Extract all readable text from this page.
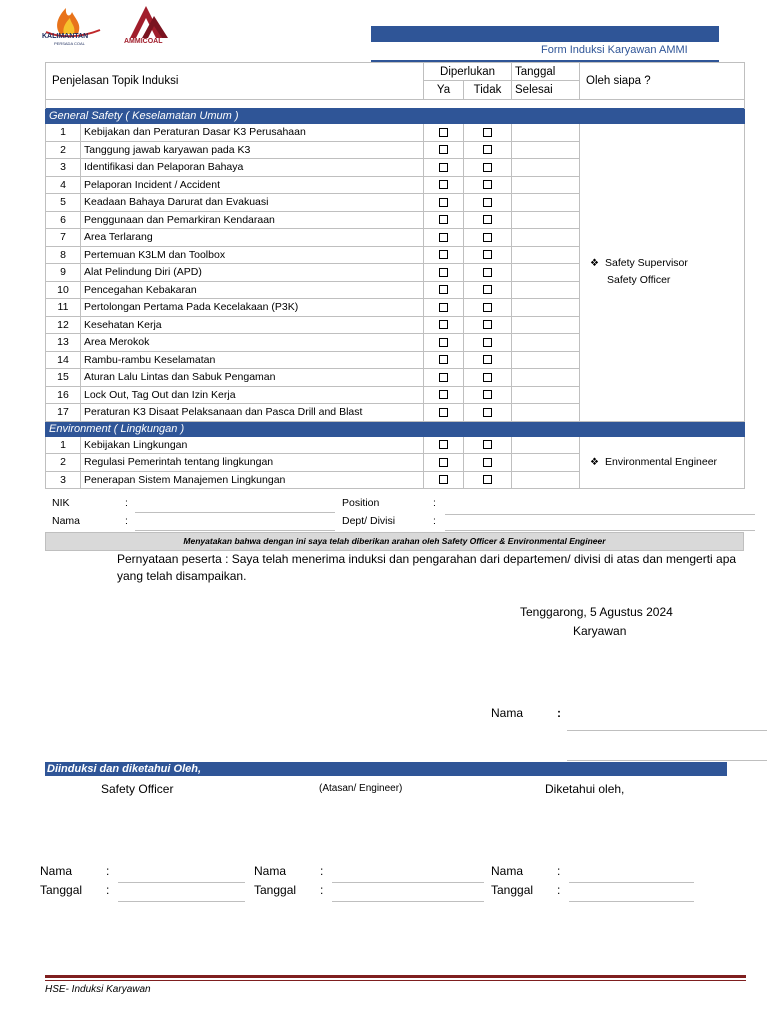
KALIMANTAN
PERSADA COAL	AMMICOAL
Form Induksi Karyawan AMMI
Penjelasan Topik Induksi		Diperlukan		Tanggal	Oleh siapa ?
		Ya	Tidak	Selesai	

General Safety ( Keselamatan Umum )					
1	Kebijakan dan Peraturan Dasar K3 Perusahaan				❖ Safety Supervisor
Safety Officer
2	Tanggung jawab karyawan pada K3				
3	Identifikasi dan Pelaporan Bahaya				
4	Pelaporan Incident / Accident				
5	Keadaan Bahaya Darurat dan Evakuasi				
6	Penggunaan dan Pemarkiran Kendaraan				
7	Area Terlarang				
8	Pertemuan K3LM dan Toolbox				
9	Alat Pelindung Diri (APD)				
10	Pencegahan Kebakaran				
11	Pertolongan Pertama Pada Kecelakaan (P3K)				
12	Kesehatan Kerja				
13	Area Merokok				
14	Rambu-rambu Keselamatan				
15	Aturan Lalu Lintas dan Sabuk Pengaman				
16	Lock Out, Tag Out dan Izin Kerja				
17	Peraturan K3 Disaat Pelaksanaan dan Pasca Drill and Blast				
Environment ( Lingkungan )					
1	Kebijakan Lingkungan				❖ Environmental Engineer
2	Regulasi Pemerintah tentang lingkungan				
3	Penerapan Sistem Manajemen Lingkungan				
NIK	:	Position	:
Nama	:	Dept/ Divisi	:
Menyatakan bahwa dengan ini saya telah diberikan arahan oleh Safety Officer & Environmental Engineer
Pernyataan peserta : Saya telah menerima induksi dan pengarahan dari departemen/ divisi di atas dan mengerti apa yang telah disampaikan.
Tenggarong, 5 Agustus 2024
Karyawan
Nama	:
Diinduksi dan diketahui Oleh,
Safety Officer	(Atasan/ Engineer)	Diketahui oleh,
Nama	:
Tanggal :
Nama	:
Tanggal :
Nama	:
Tanggal :
HSE- Induksi Karyawan
